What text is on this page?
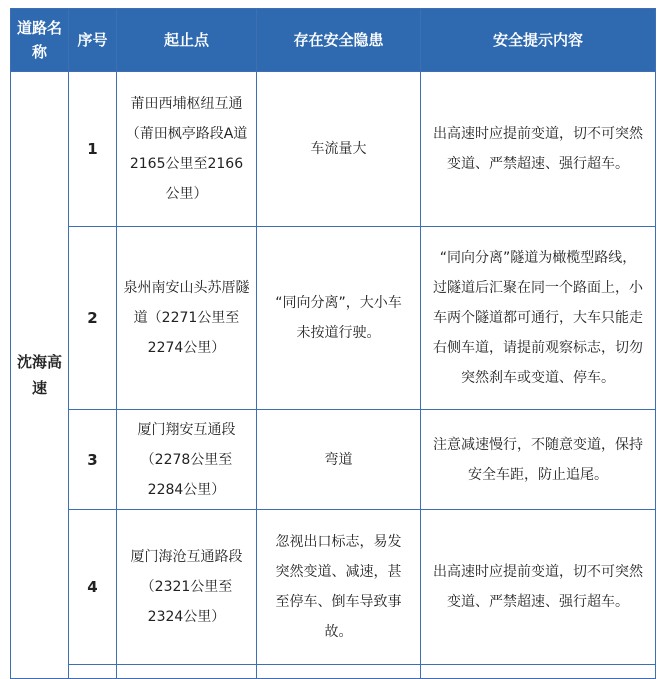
道路名称	序号	起止点	存在安全隐患	安全提示内容
沈海高速	1	莆田西埔枢纽互通（莆田枫亭路段A道2165公里至2166公里）	车流量大	出高速时应提前变道，切不可突然变道、严禁超速、强行超车。
	2	泉州南安山头苏厝隧道（2271公里至2274公里）	“同向分离”，大小车未按道行驶。	“同向分离”隧道为橄榄型路线，过隧道后汇聚在同一个路面上，小车两个隧道都可通行，大车只能走右侧车道，请提前观察标志，切勿突然刹车或变道、停车。
	3	厦门翔安互通段（2278公里至2284公里）	弯道	注意减速慢行，不随意变道，保持安全车距，防止追尾。
	4	厦门海沧互通路段（2321公里至2324公里）	忽视出口标志，易发突然变道、减速，甚至停车、倒车导致事故。	出高速时应提前变道，切不可突然变道、严禁超速、强行超车。
